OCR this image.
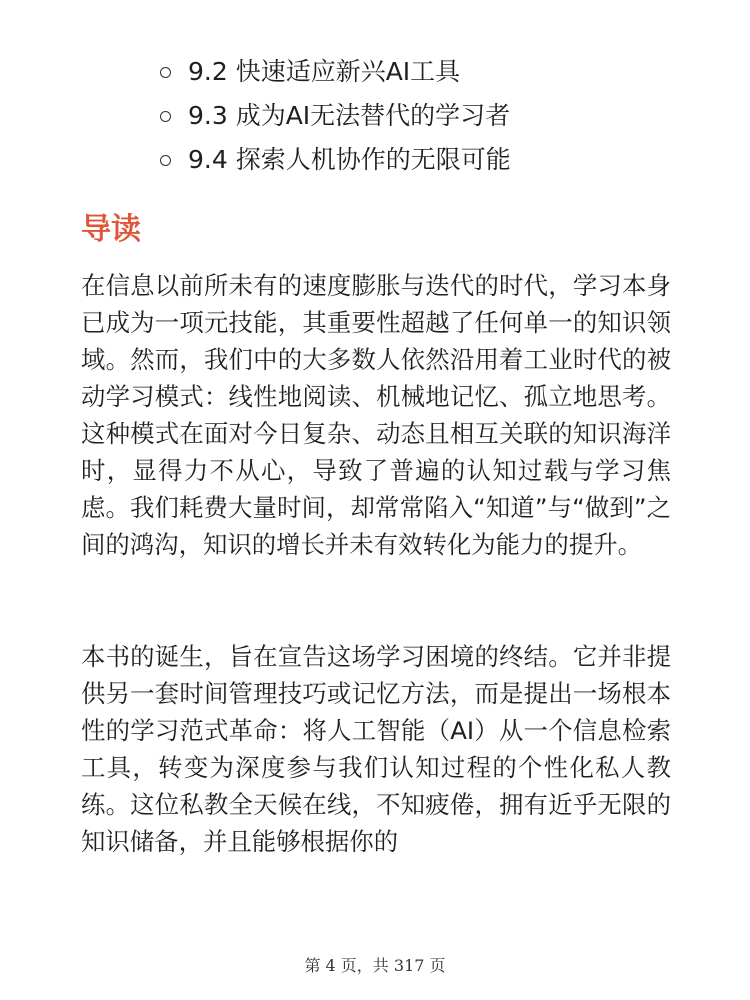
9.2 快速适应新兴AI工具
9.3 成为AI无法替代的学习者
9.4 探索人机协作的无限可能
导读

在信息以前所未有的速度膨胀与迭代的时代，学习本身已成为一项元技能，其重要性超越了任何单一的知识领域。然而，我们中的大多数人依然沿用着工业时代的被动学习模式：线性地阅读、机械地记忆、孤立地思考。这种模式在面对今日复杂、动态且相互关联的知识海洋时，显得力不从心，导致了普遍的认知过载与学习焦虑。我们耗费大量时间，却常常陷入“知道”与“做到”之间的鸿沟，知识的增长并未有效转化为能力的提升。

本书的诞生，旨在宣告这场学习困境的终结。它并非提供另一套时间管理技巧或记忆方法，而是提出一场根本性的学习范式革命：将人工智能（AI）从一个信息检索工具，转变为深度参与我们认知过程的个性化私人教练。这位私教全天候在线，不知疲倦，拥有近乎无限的知识储备，并且能够根据你的

第 4 页，共 317 页
